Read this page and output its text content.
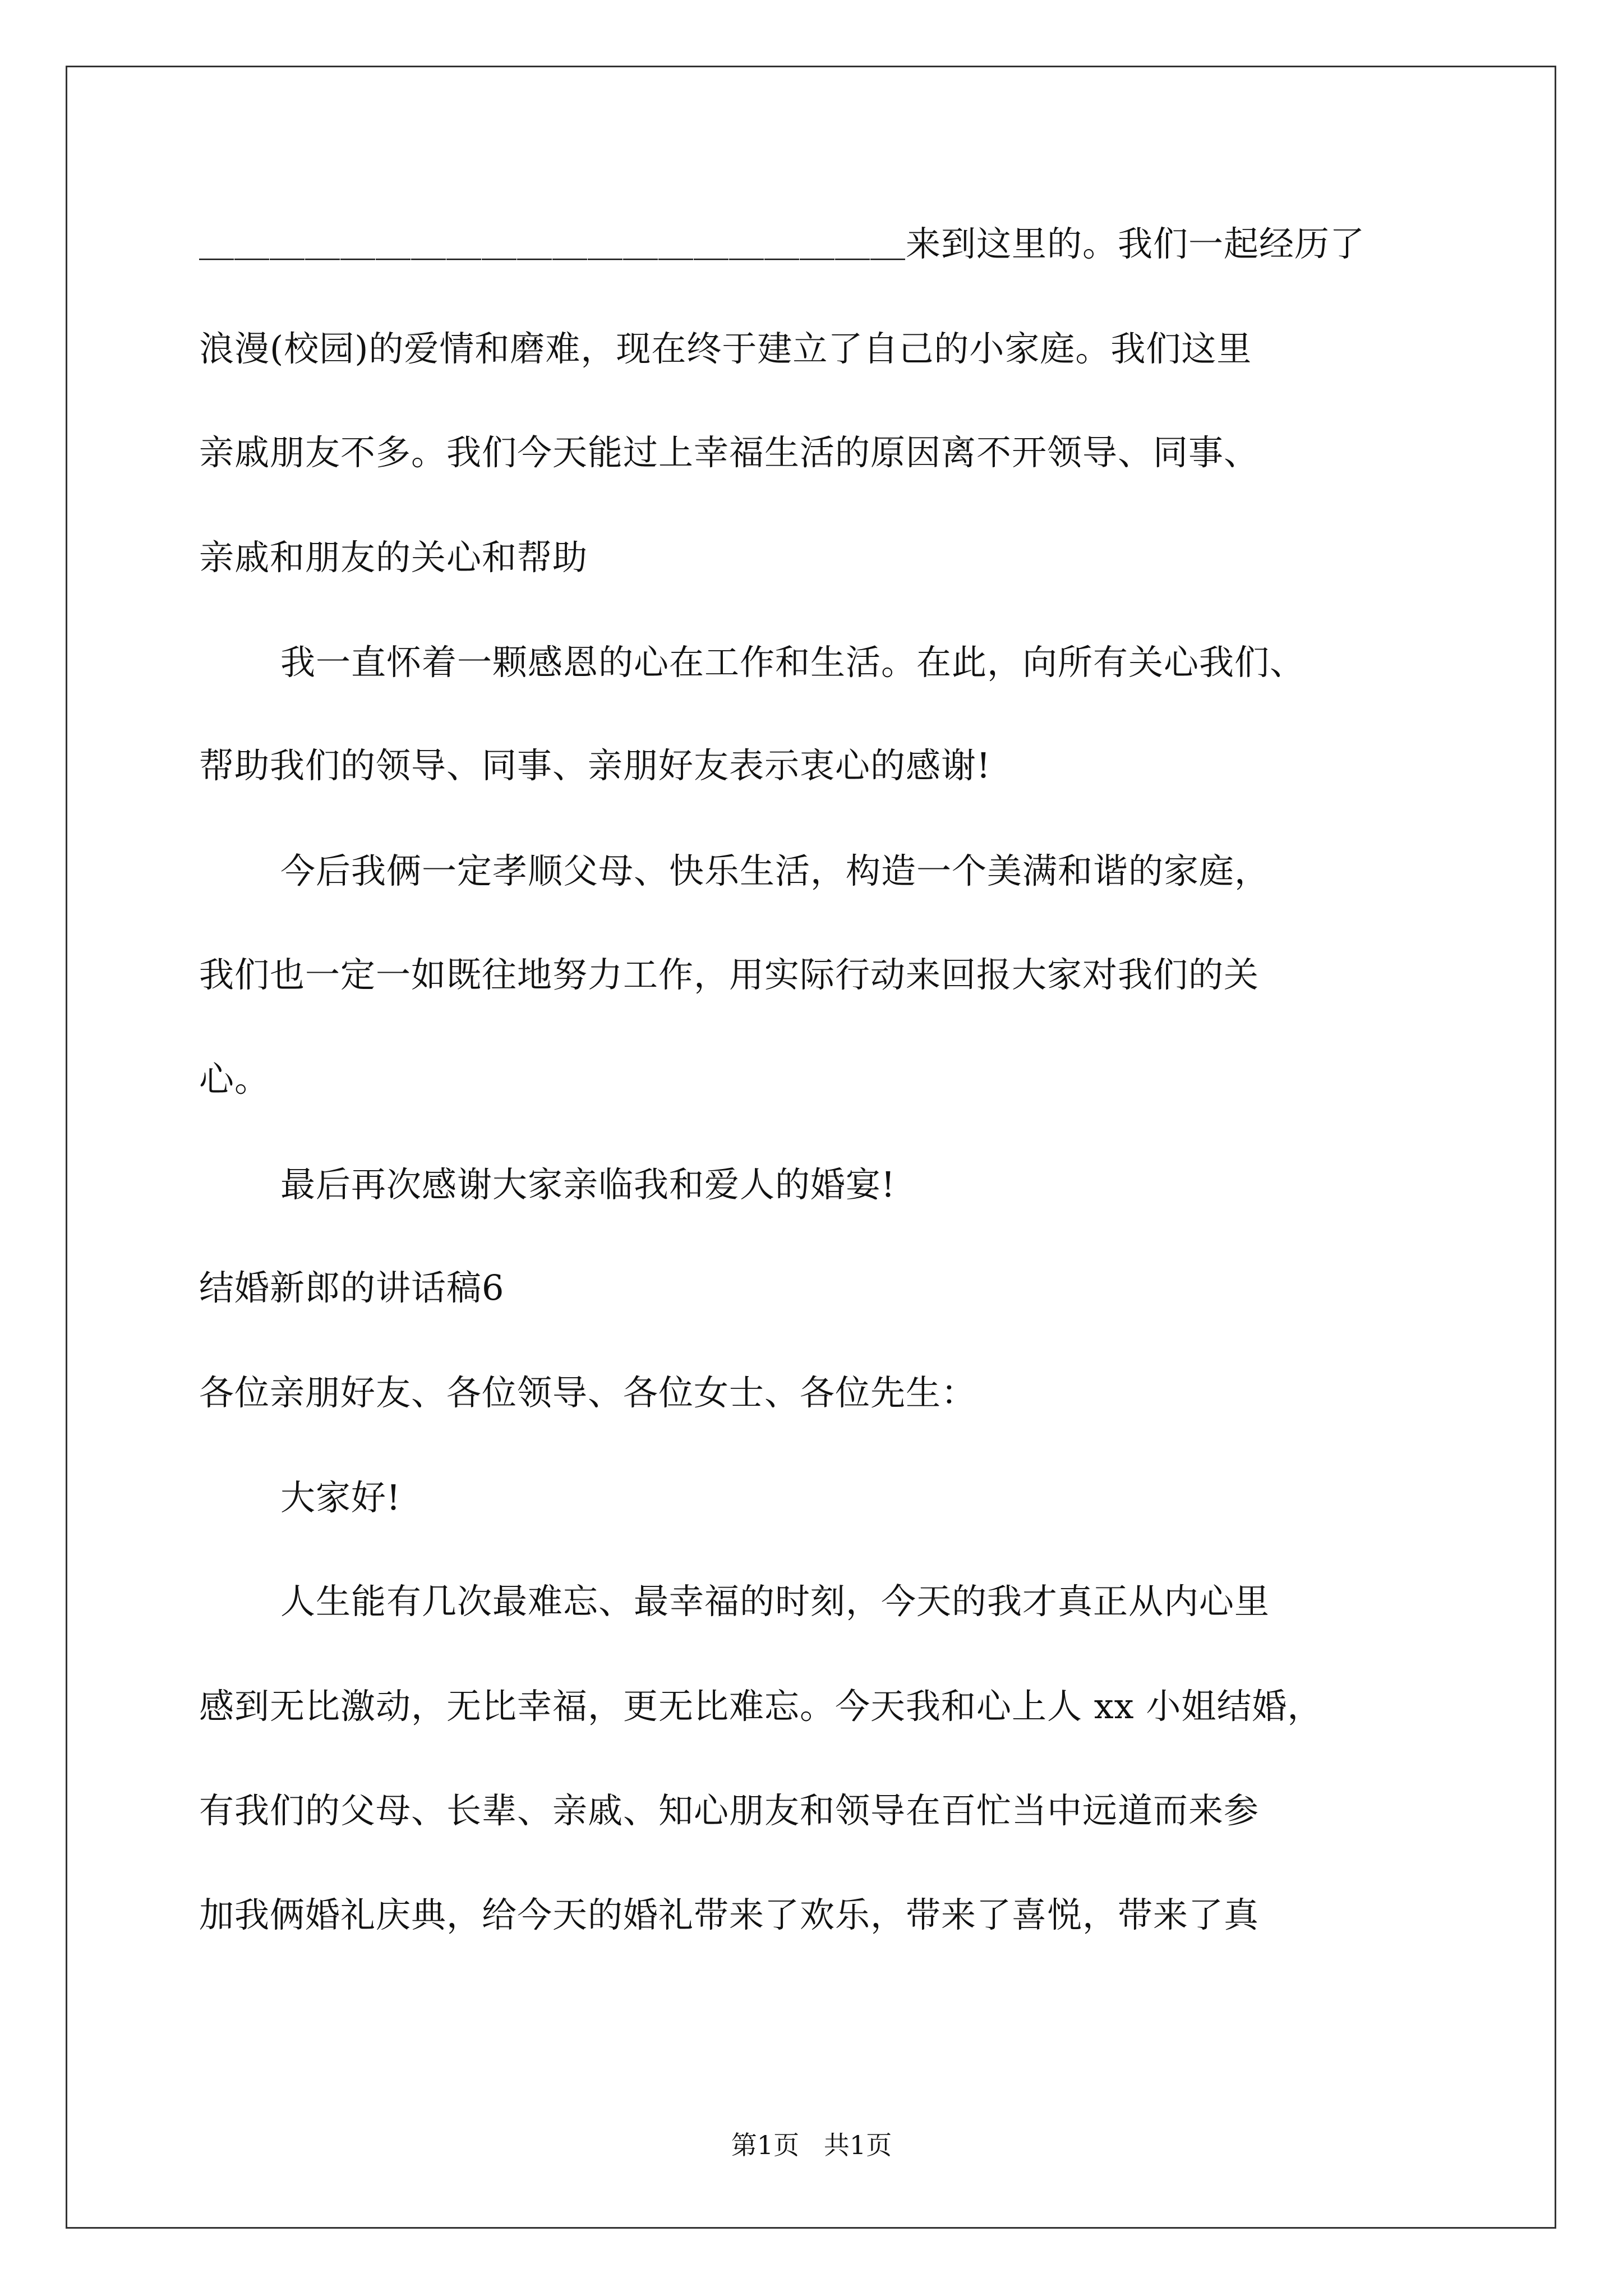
＿＿＿＿＿＿＿＿＿＿＿＿＿＿＿＿＿＿＿＿来到这里的。我们一起经历了
浪漫(校园)的爱情和磨难，现在终于建立了自己的小家庭。我们这里
亲戚朋友不多。我们今天能过上幸福生活的原因离不开领导、同事、
亲戚和朋友的关心和帮助
我一直怀着一颗感恩的心在工作和生活。在此，向所有关心我们、
帮助我们的领导、同事、亲朋好友表示衷心的感谢!
今后我俩一定孝顺父母、快乐生活，构造一个美满和谐的家庭，
我们也一定一如既往地努力工作，用实际行动来回报大家对我们的关
心。
最后再次感谢大家亲临我和爱人的婚宴!
结婚新郎的讲话稿6
各位亲朋好友、各位领导、各位女士、各位先生：
大家好!
人生能有几次最难忘、最幸福的时刻，今天的我才真正从内心里
感到无比激动，无比幸福，更无比难忘。今天我和心上人 xx 小姐结婚，
有我们的父母、长辈、亲戚、知心朋友和领导在百忙当中远道而来参
加我俩婚礼庆典，给今天的婚礼带来了欢乐，带来了喜悦，带来了真
第1页   共1页
